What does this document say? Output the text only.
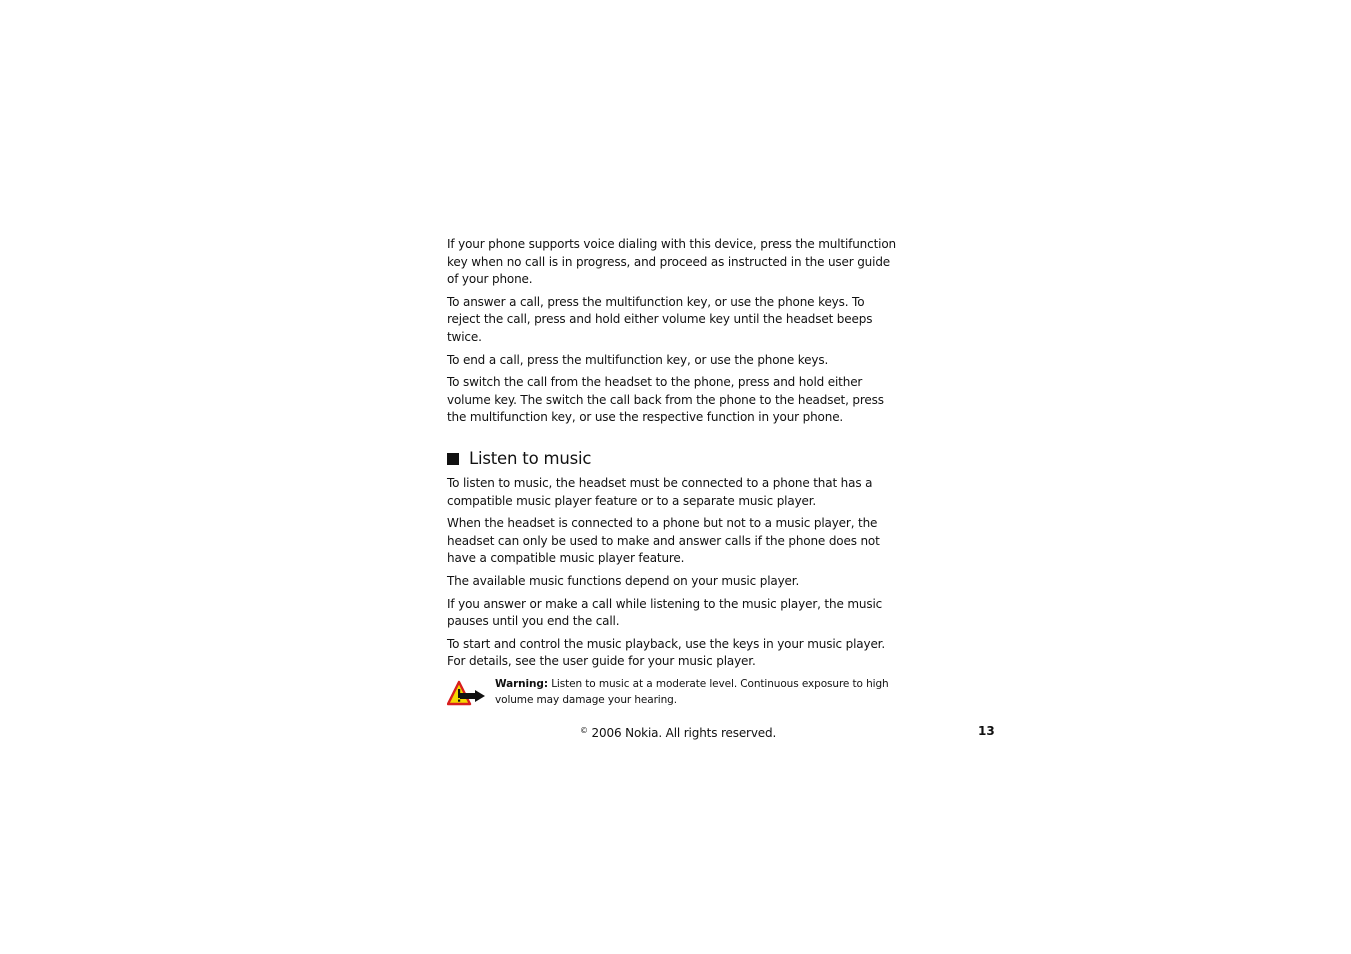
If your phone supports voice dialing with this device, press the multifunction key when no call is in progress, and proceed as instructed in the user guide of your phone.

To answer a call, press the multifunction key, or use the phone keys. To reject the call, press and hold either volume key until the headset beeps twice.

To end a call, press the multifunction key, or use the phone keys.

To switch the call from the headset to the phone, press and hold either volume key. The switch the call back from the phone to the headset, press the multifunction key, or use the respective function in your phone.

Listen to music

To listen to music, the headset must be connected to a phone that has a compatible music player feature or to a separate music player.

When the headset is connected to a phone but not to a music player, the headset can only be used to make and answer calls if the phone does not have a compatible music player feature.

The available music functions depend on your music player.

If you answer or make a call while listening to the music player, the music pauses until you end the call.

To start and control the music playback, use the keys in your music player. For details, see the user guide for your music player.

Warning: Listen to music at a moderate level. Continuous exposure to high volume may damage your hearing.
© 2006 Nokia. All rights reserved.	13
